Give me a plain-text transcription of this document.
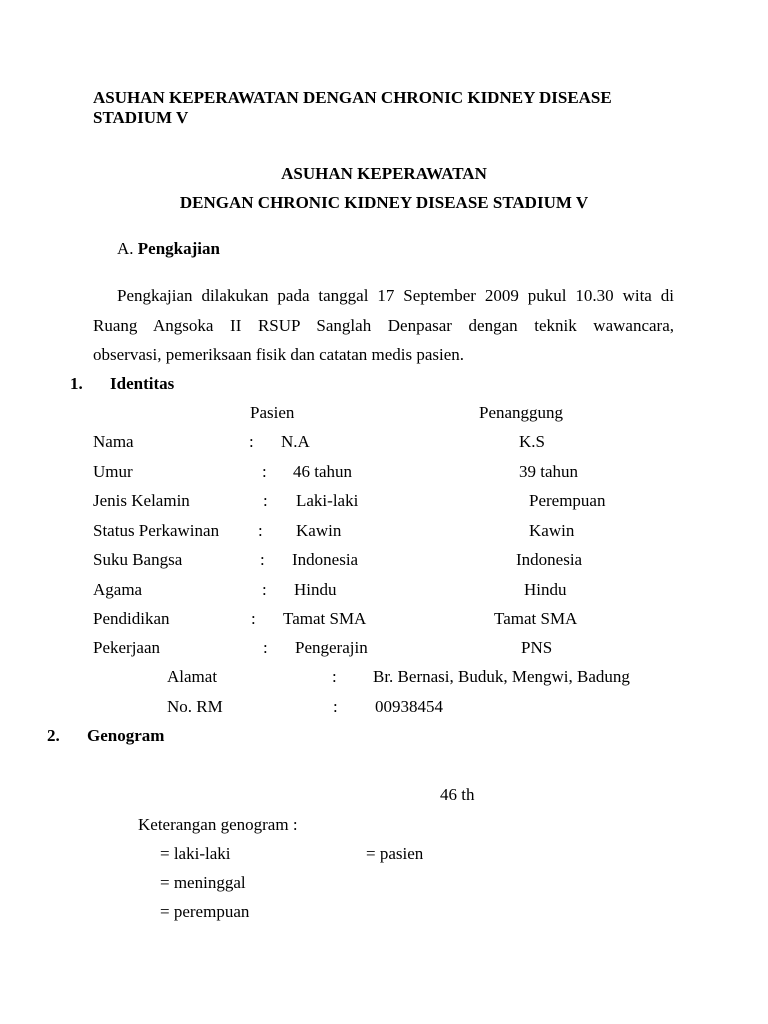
ASUHAN KEPERAWATAN DENGAN CHRONIC KIDNEY DISEASE
STADIUM V
ASUHAN KEPERAWATAN
DENGAN CHRONIC KIDNEY DISEASE STADIUM V
A. Pengkajian
Pengkajian dilakukan pada tanggal 17 September 2009 pukul 10.30 wita di
Ruang Angsoka II RSUP Sanglah Denpasar dengan teknik wawancara,
observasi, pemeriksaan fisik dan catatan medis pasien.
1. Identitas
Pasien	Penanggung
Nama	: N.A	K.S
Umur	: 46 tahun	39 tahun
Jenis Kelamin	: Laki-laki	Perempuan
Status Perkawinan : Kawin	Kawin
Suku Bangsa	: Indonesia	Indonesia
Agama	: Hindu	Hindu
Pendidikan	: Tamat SMA	Tamat SMA
Pekerjaan	: Pengerajin	PNS
Alamat	: Br. Bernasi, Buduk, Mengwi, Badung
No. RM	: 00938454
2. Genogram
46 th
Keterangan genogram :
= laki-laki	= pasien
= meninggal
= perempuan
